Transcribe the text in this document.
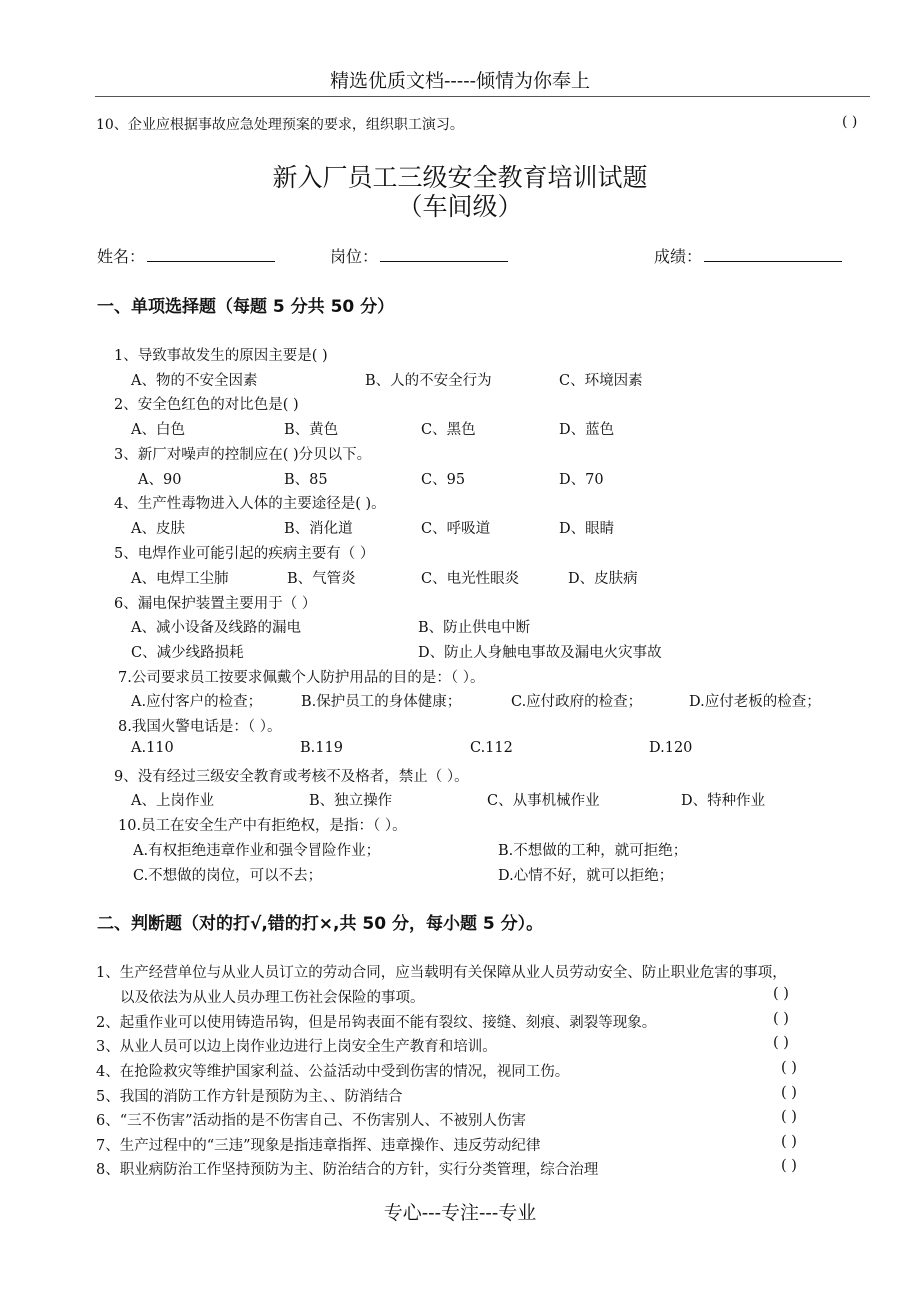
精选优质文档-----倾情为你奉上
10、企业应根据事故应急处理预案的要求，组织职工演习。	( )
新入厂员工三级安全教育培训试题
（车间级）
姓名：	岗位：	成绩：
一、单项选择题（每题 5 分共 50 分）
1、导致事故发生的原因主要是( )
A、物的不安全因素	B、人的不安全行为	C、环境因素
2、安全色红色的对比色是( )
A、白色	B、黄色	C、黑色	D、蓝色
3、新厂对噪声的控制应在( )分贝以下。
A、90	B、85	C、95	D、70
4、生产性毒物进入人体的主要途径是( )。
A、皮肤	B、消化道	C、呼吸道	D、眼睛
5、电焊作业可能引起的疾病主要有（ ）
A、电焊工尘肺	B、气管炎	C、电光性眼炎	D、皮肤病
6、漏电保护装置主要用于（ ）
A、减小设备及线路的漏电	B、防止供电中断
C、减少线路损耗	D、防止人身触电事故及漏电火灾事故
7.公司要求员工按要求佩戴个人防护用品的目的是：（ ）。
A.应付客户的检查；	B.保护员工的身体健康；	C.应付政府的检查；	D.应付老板的检查；
8.我国火警电话是：（ ）。
A.110	B.119	C.112	D.120
9、没有经过三级安全教育或考核不及格者，禁止（ ）。
A、上岗作业	B、独立操作	C、从事机械作业	D、特种作业
10.员工在安全生产中有拒绝权，是指：（ ）。
A.有权拒绝违章作业和强令冒险作业；	B.不想做的工种，就可拒绝；
C.不想做的岗位，可以不去；	D.心情不好，就可以拒绝；
二、判断题（对的打√,错的打×,共 50 分，每小题 5 分）。
1、生产经营单位与从业人员订立的劳动合同，应当载明有关保障从业人员劳动安全、防止职业危害的事项，
以及依法为从业人员办理工伤社会保险的事项。	( )
2、起重作业可以使用铸造吊钩，但是吊钩表面不能有裂纹、接缝、刻痕、剥裂等现象。	( )
3、从业人员可以边上岗作业边进行上岗安全生产教育和培训。	( )
4、在抢险救灾等维护国家利益、公益活动中受到伤害的情况，视同工伤。	( )
5、我国的消防工作方针是预防为主、、防消结合	( )
6、“三不伤害”活动指的是不伤害自己、不伤害别人、不被别人伤害	( )
7、生产过程中的“三违”现象是指违章指挥、违章操作、违反劳动纪律	( )
8、职业病防治工作坚持预防为主、防治结合的方针，实行分类管理，综合治理	( )
专心---专注---专业
